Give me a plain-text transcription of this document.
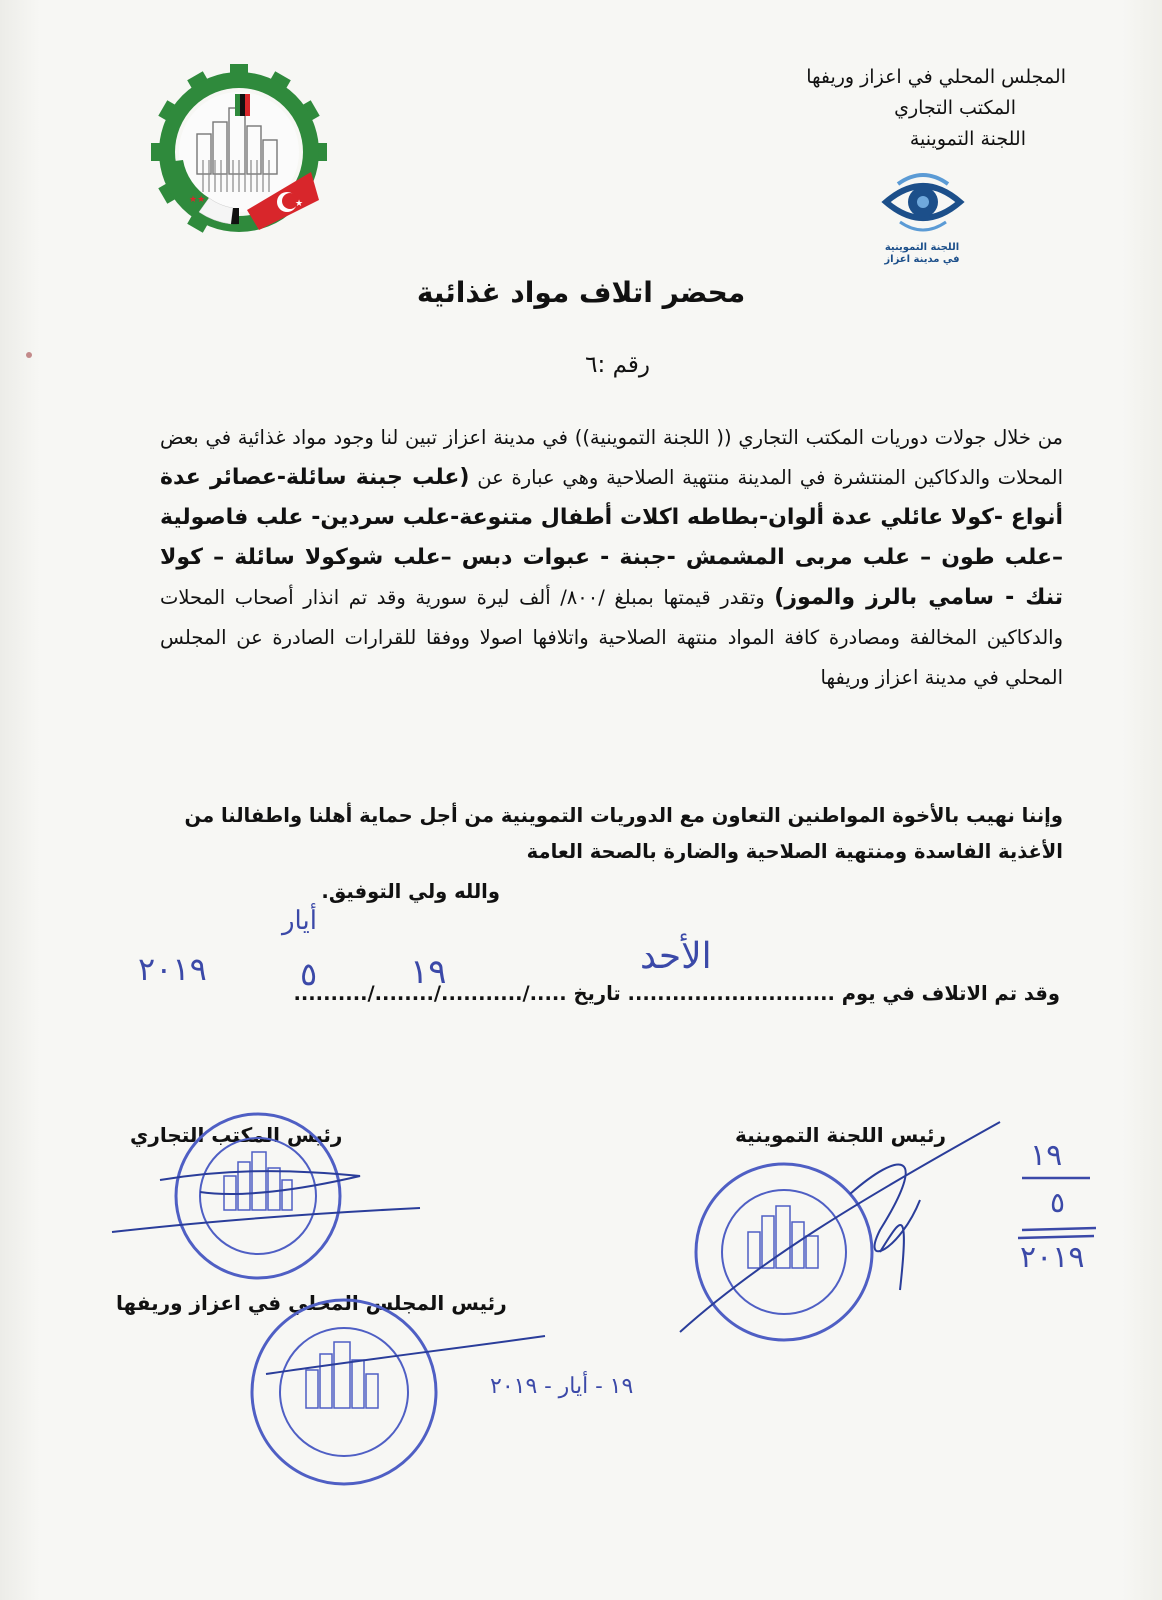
★★	★
المجلس المحلي في اعزاز وريفها
المكتب التجاري
اللجنة التموينية
اللجنة التموينية
في مدينة اعزاز
محضر اتلاف مواد غذائية
رقم :٦
من خلال جولات دوريات المكتب التجاري (( اللجنة التموينية)) في مدينة اعزاز تبين لنا وجود مواد غذائية في بعض المحلات والدكاكين المنتشرة في المدينة منتهية الصلاحية وهي عبارة عن (علب جبنة سائلة-عصائر عدة أنواع -كولا عائلي عدة ألوان-بطاطه اكلات أطفال متنوعة-علب سردين- علب فاصولية –علب طون – علب مربى المشمش -جبنة - عبوات دبس –علب شوكولا سائلة – كولا تنك - سامي بالرز والموز) وتقدر قيمتها بمبلغ /٨٠٠/ ألف ليرة سورية وقد تم انذار أصحاب المحلات والدكاكين المخالفة ومصادرة كافة المواد منتهة الصلاحية واتلافها اصولا ووفقا للقرارات الصادرة عن المجلس المحلي في مدينة اعزاز وريفها
وإننا نهيب بالأخوة المواطنين التعاون مع الدوريات التموينية من أجل حماية أهلنا واطفالنا من الأغذية الفاسدة ومنتهية الصلاحية والضارة بالصحة العامة
والله ولي التوفيق.
وقد تم الاتلاف في يوم ............................ تاريخ ...../.........../......../..........
الأحد
١٩
٥
أيار
٢٠١٩
١٩
٥
٢٠١٩
١٩ - أيار - ٢٠١٩
رئيس المكتب التجاري	رئيس اللجنة التموينية
رئيس المجلس المحلي في اعزاز وريفها
